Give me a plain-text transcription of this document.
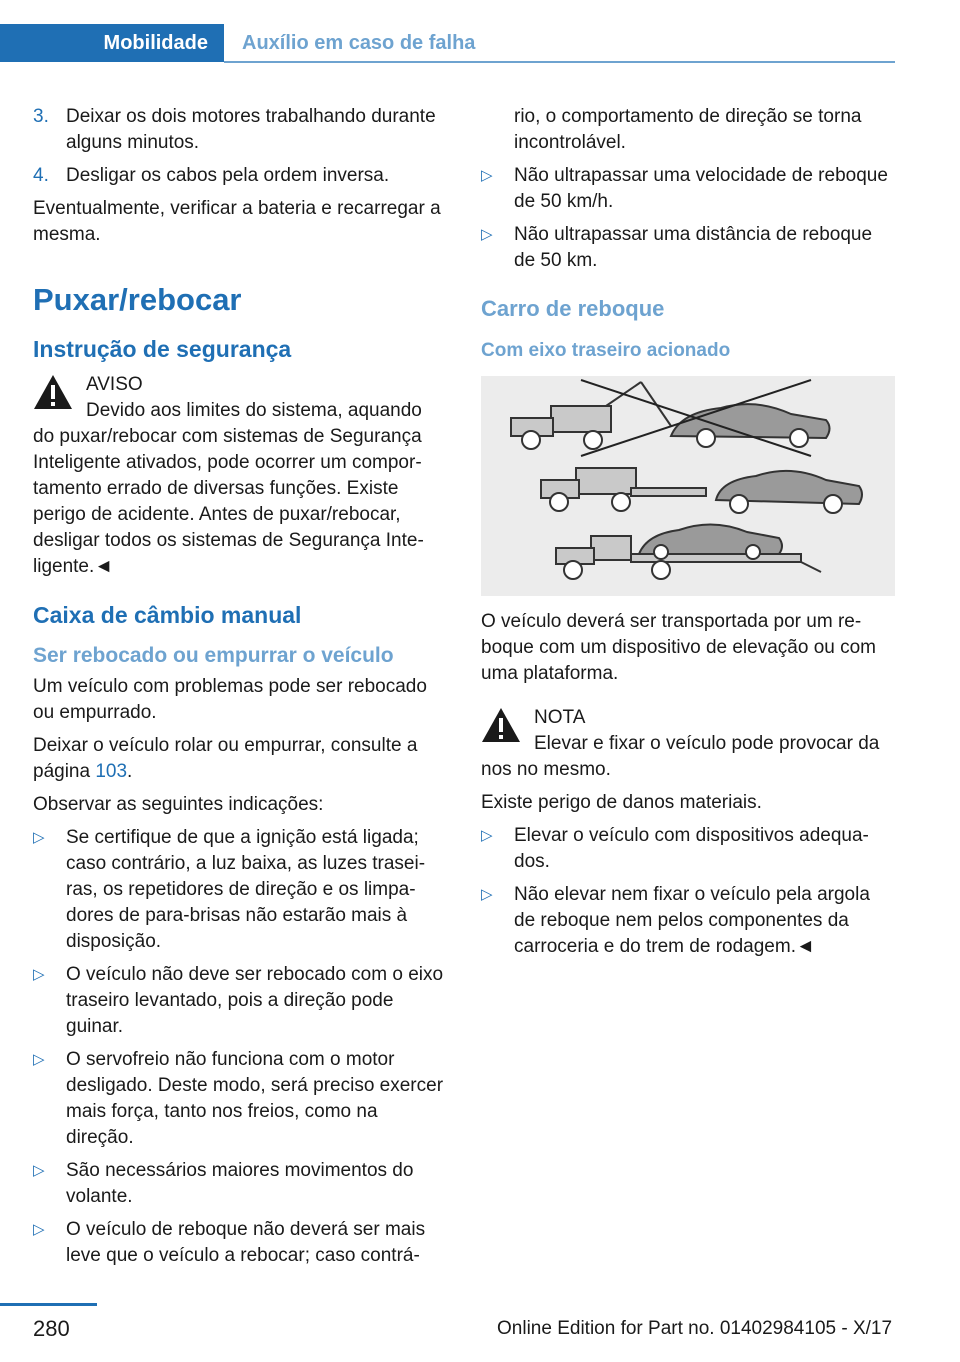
Mobilidade Auxílio em caso de falha
3. Deixar os dois motores trabalhando durante alguns minutos.
4. Desligar os cabos pela ordem inversa.

Eventualmente, verificar a bateria e recarregar a mesma.

Puxar/rebocar
Instrução de segurança
AVISO
Devido aos limites do sistema, aquando

do puxar/rebocar com sistemas de Segurança Inteligente ativados, pode ocorrer um comportamento errado de diversas funções. Existe perigo de acidente. Antes de puxar/rebocar, desligar todos os sistemas de Segurança Inteligente.◄

Caixa de câmbio manual
Ser rebocado ou empurrar o veículo

Um veículo com problemas pode ser rebocado ou empurrado.

Deixar o veículo rolar ou empurrar, consulte a página 103.

Observar as seguintes indicações:

▷ Se certifique de que a ignição está ligada; caso contrário, a luz baixa, as luzes traseiras, os repetidores de direção e os limpadores de para-brisas não estarão mais à disposição.
▷ O veículo não deve ser rebocado com o eixo traseiro levantado, pois a direção pode guinar.
▷ O servofreio não funciona com o motor desligado. Deste modo, será preciso exercer mais força, tanto nos freios, como na direção.
▷ São necessários maiores movimentos do volante.
▷ O veículo de reboque não deverá ser mais leve que o veículo a rebocar; caso contrá-
rio, o comportamento de direção se torna incontrolável.
▷ Não ultrapassar uma velocidade de reboque de 50 km/h.
▷ Não ultrapassar uma distância de reboque de 50 km.
Carro de reboque
Com eixo traseiro acionado

O veículo deverá ser transportada por um reboque com um dispositivo de elevação ou com uma plataforma.

NOTA
Elevar e fixar o veículo pode provocar da

nos no mesmo.

Existe perigo de danos materiais.

▷ Elevar o veículo com dispositivos adequados.
▷ Não elevar nem fixar o veículo pela argola de reboque nem pelos componentes da carroceria e do trem de rodagem.◄
280	Online Edition for Part no. 01402984105 - X/17
